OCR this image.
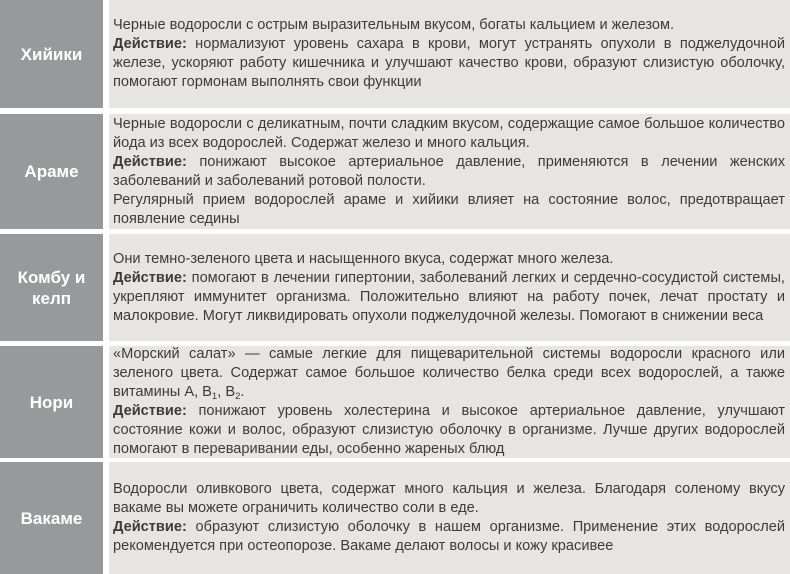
Хийики

Черные водоросли с острым выразительным вкусом, богаты кальцием и железом.

Действие: нормализуют уровень сахара в крови, могут устранять опухоли в поджелудочной железе, ускоряют работу кишечника и улучшают качество крови, образуют слизистую оболочку, помогают гормонам выполнять свои функции

Араме

Черные водоросли с деликатным, почти сладким вкусом, содержащие самое большое количество йода из всех водорослей. Содержат железо и много кальция.

Действие: понижают высокое артериальное давление, применяются в лечении женских заболеваний и заболеваний ротовой полости.

Регулярный прием водорослей араме и хийики влияет на состояние волос, предотвращает появление седины

Комбу и келп

Они темно-зеленого цвета и насыщенного вкуса, содержат много железа.

Действие: помогают в лечении гипертонии, заболеваний легких и сердечно-сосудистой системы, укрепляют иммунитет организма. Положительно влияют на работу почек, лечат простату и малокровие. Могут ликвидировать опухоли поджелудочной железы. Помогают в снижении веса

Нори

«Морский салат» — самые легкие для пищеварительной системы водоросли красного или зеленого цвета. Содержат самое большое количество белка среди всех водорослей, а также витамины A, $B_1$, $B_2$.

Действие: понижают уровень холестерина и высокое артериальное давление, улучшают состояние кожи и волос, образуют слизистую оболочку в организме. Лучше других водорослей помогают в переваривании еды, особенно жареных блюд

Вакаме

Водоросли оливкового цвета, содержат много кальция и железа. Благодаря соленому вкусу вакаме вы можете ограничить количество соли в еде.

Действие: образуют слизистую оболочку в нашем организме. Применение этих водорослей рекомендуется при остеопорозе. Вакаме делают волосы и кожу красивее
